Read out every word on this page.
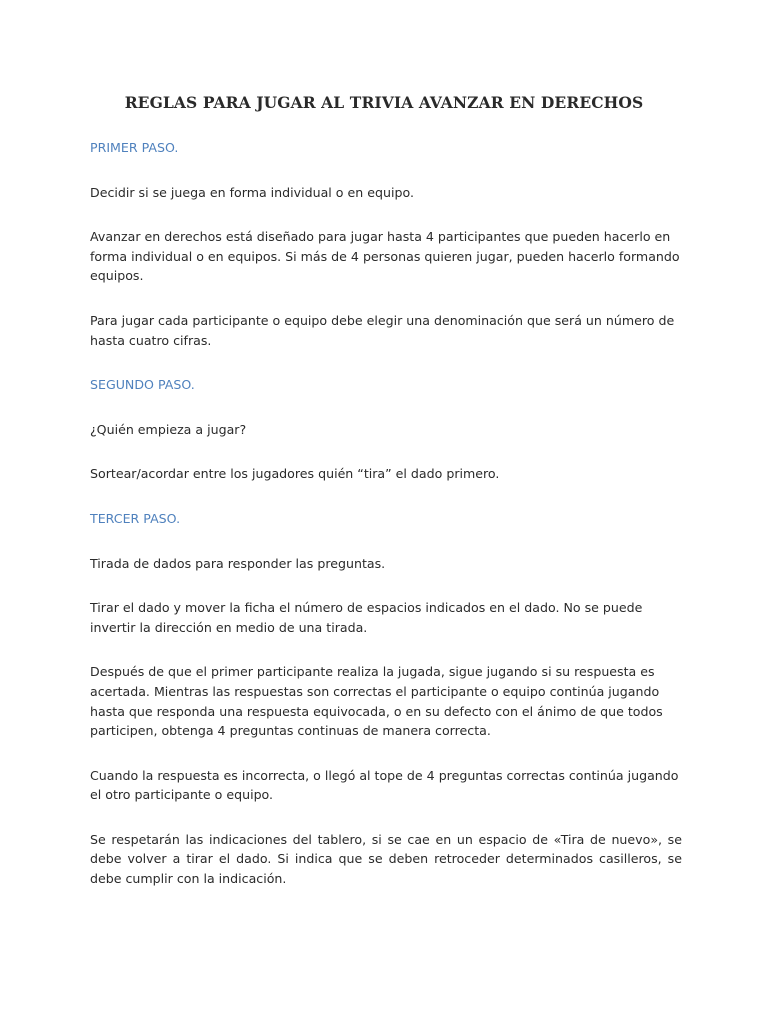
REGLAS PARA JUGAR AL TRIVIA AVANZAR EN DERECHOS

PRIMER PASO.

Decidir si se juega en forma individual o en equipo.

Avanzar en derechos está diseñado para jugar hasta 4 participantes que pueden hacerlo en forma individual o en equipos. Si más de 4 personas quieren jugar, pueden hacerlo formando equipos.

Para jugar cada participante o equipo debe elegir una denominación que será un número de hasta cuatro cifras.

SEGUNDO PASO.

¿Quién empieza a jugar?

Sortear/acordar entre los jugadores quién “tira” el dado primero.

TERCER PASO.

Tirada de dados para responder las preguntas.

Tirar el dado y mover la ficha el número de espacios indicados en el dado. No se puede invertir la dirección en medio de una tirada.

Después de que el primer participante realiza la jugada, sigue jugando si su respuesta es acertada. Mientras las respuestas son correctas el participante o equipo continúa jugando hasta que responda una respuesta equivocada, o en su defecto con el ánimo de que todos participen, obtenga 4 preguntas continuas de manera correcta.

Cuando la respuesta es incorrecta, o llegó al tope de 4 preguntas correctas continúa jugando el otro participante o equipo.

Se respetarán las indicaciones del tablero, si se cae en un espacio de «Tira de nuevo», se debe volver a tirar el dado. Si indica que se deben retroceder determinados casilleros, se debe cumplir con la indicación.
